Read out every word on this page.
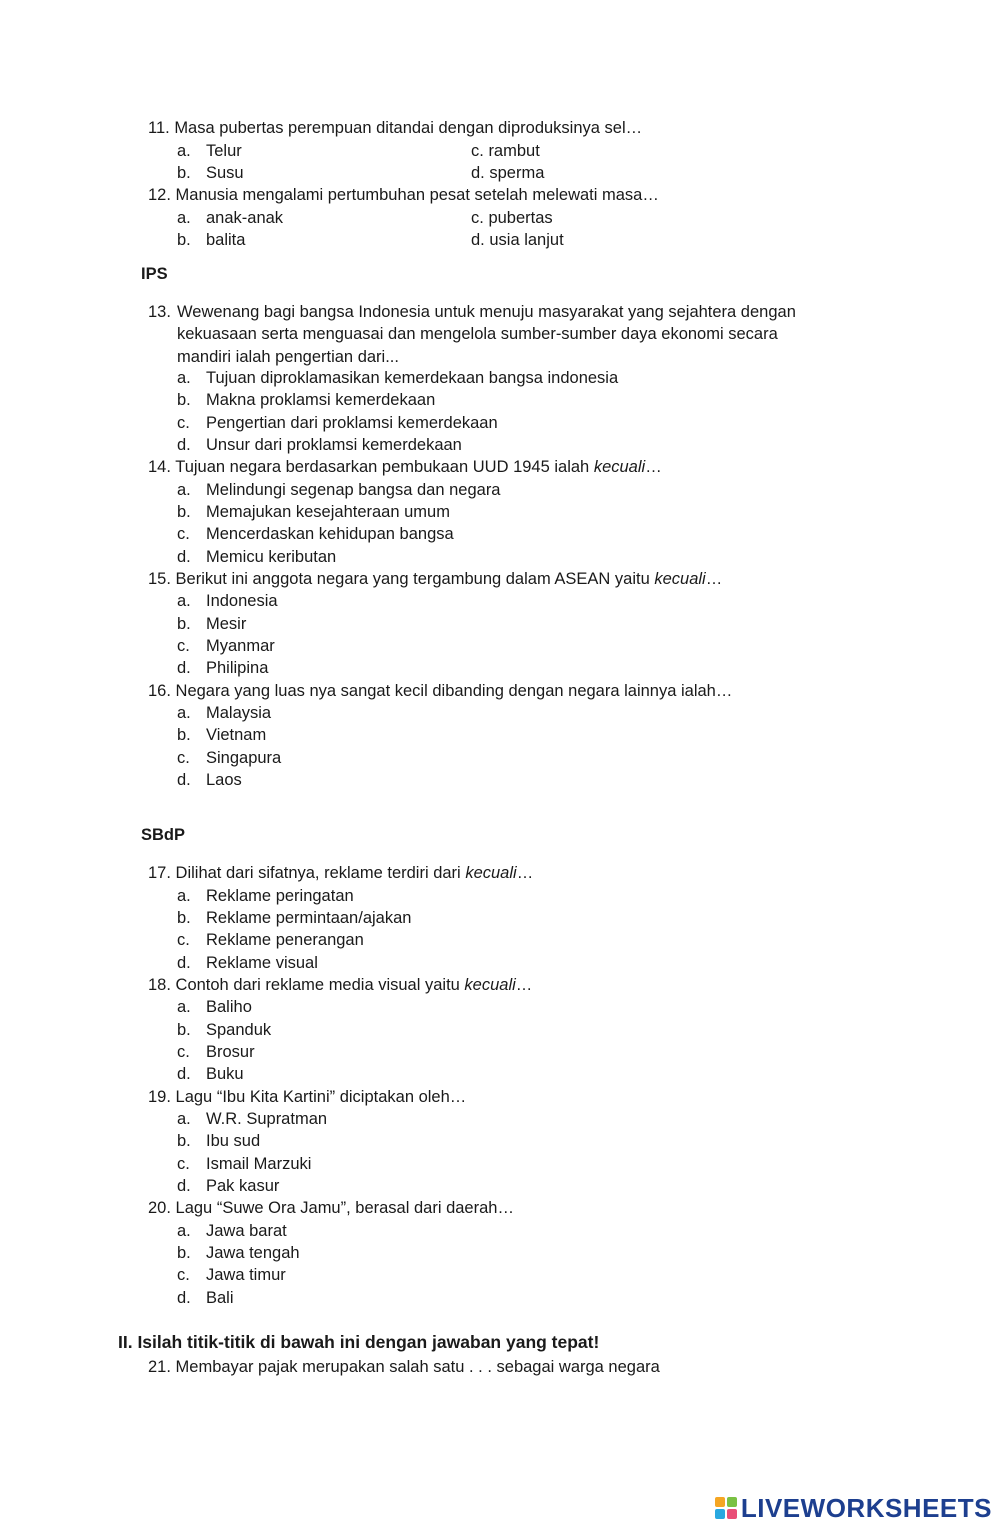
11. Masa pubertas perempuan ditandai dengan diproduksinya sel…
a. Telur	c. rambut
b. Susu	d. sperma
12. Manusia mengalami pertumbuhan pesat setelah melewati masa…
a. anak-anak	c. pubertas
b. balita	d. usia lanjut
IPS
13. Wewenang bagi bangsa Indonesia untuk menuju masyarakat yang sejahtera dengan
kekuasaan serta menguasai dan mengelola sumber-sumber daya ekonomi secara
mandiri ialah pengertian dari...
a. Tujuan diproklamasikan kemerdekaan bangsa indonesia
b. Makna proklamsi kemerdekaan
c. Pengertian dari proklamsi kemerdekaan
d. Unsur dari proklamsi kemerdekaan
14. Tujuan negara berdasarkan pembukaan UUD 1945 ialah kecuali…
a. Melindungi segenap bangsa dan negara
b. Memajukan kesejahteraan umum
c. Mencerdaskan kehidupan bangsa
d. Memicu keributan
15. Berikut ini anggota negara yang tergambung dalam ASEAN yaitu kecuali…
a. Indonesia
b. Mesir
c. Myanmar
d. Philipina
16. Negara yang luas nya sangat kecil dibanding dengan negara lainnya ialah…
a. Malaysia
b. Vietnam
c. Singapura
d. Laos
SBdP
17. Dilihat dari sifatnya, reklame terdiri dari kecuali…
a. Reklame peringatan
b. Reklame permintaan/ajakan
c. Reklame penerangan
d. Reklame visual
18. Contoh dari reklame media visual yaitu kecuali…
a. Baliho
b. Spanduk
c. Brosur
d. Buku
19. Lagu “Ibu Kita Kartini” diciptakan oleh…
a. W.R. Supratman
b. Ibu sud
c. Ismail Marzuki
d. Pak kasur
20. Lagu “Suwe Ora Jamu”, berasal dari daerah…
a. Jawa barat
b. Jawa tengah
c. Jawa timur
d. Bali
II. Isilah titik-titik di bawah ini dengan jawaban yang tepat!
21. Membayar pajak merupakan salah satu . . . sebagai warga negara
LIVEWORKSHEETS
